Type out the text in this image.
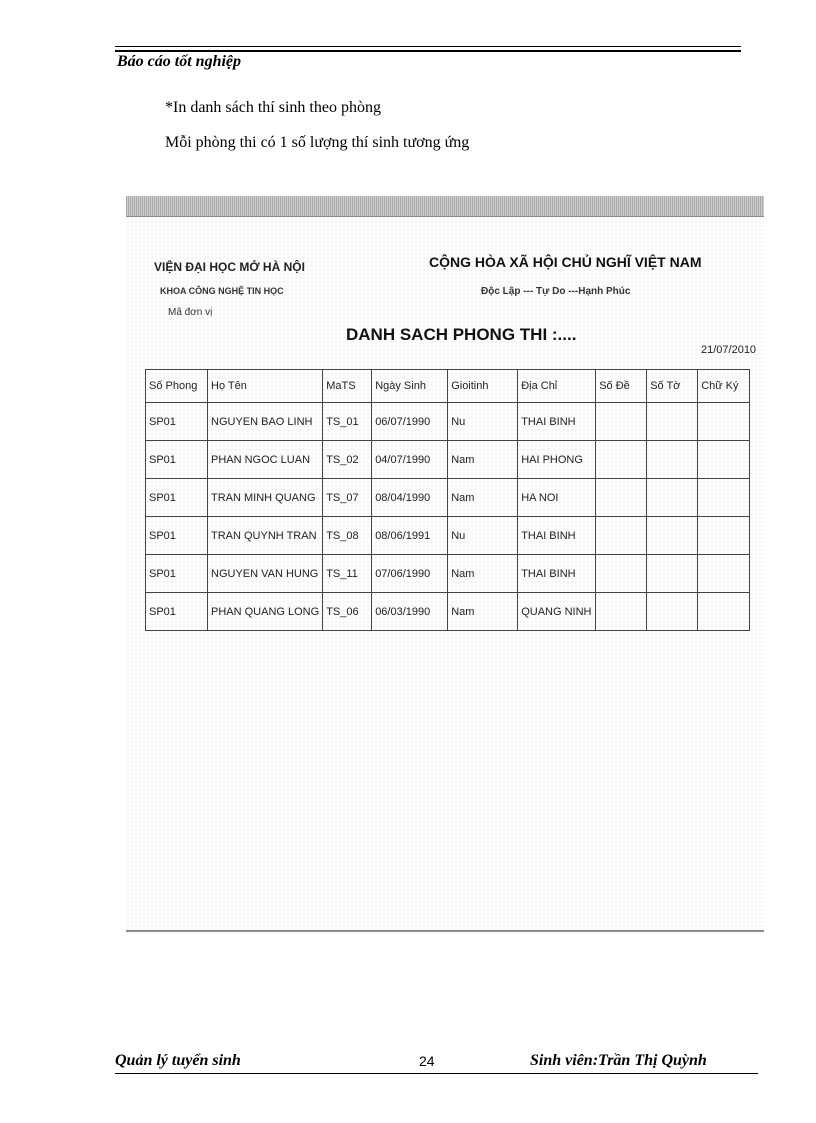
Báo cáo tốt nghiệp
*In danh sách thí sinh theo phòng
Mỗi phòng thi có 1 số lượng thí sinh tương ứng
VIỆN ĐẠI HỌC MỞ HÀ NỘI
KHOA CÔNG NGHỆ TIN HỌC
Mã đơn vị
CỘNG HÒA XÃ HỘI CHỦ NGHĨ VIỆT NAM
Độc Lập --- Tự Do ---Hạnh Phúc
DANH SACH PHONG THI :....
21/07/2010
Số Phong	Họ Tên	MaTS	Ngày Sinh	Gioitinh	Địa Chỉ	Số Đề	Số Tờ	Chữ Ký
SP01	NGUYEN BAO LINH	TS_01	06/07/1990	Nu	THAI BINH			
SP01	PHAN NGOC LUAN	TS_02	04/07/1990	Nam	HAI PHONG			
SP01	TRAN MINH QUANG	TS_07	08/04/1990	Nam	HA NOI			
SP01	TRAN QUYNH TRAN	TS_08	08/06/1991	Nu	THAI BINH			
SP01	NGUYEN VAN HUNG	TS_11	07/06/1990	Nam	THAI BINH			
SP01	PHAN QUANG LONG	TS_06	06/03/1990	Nam	QUANG NINH			
Quản lý tuyển sinh	24	Sinh viên:Trần Thị Quỳnh
